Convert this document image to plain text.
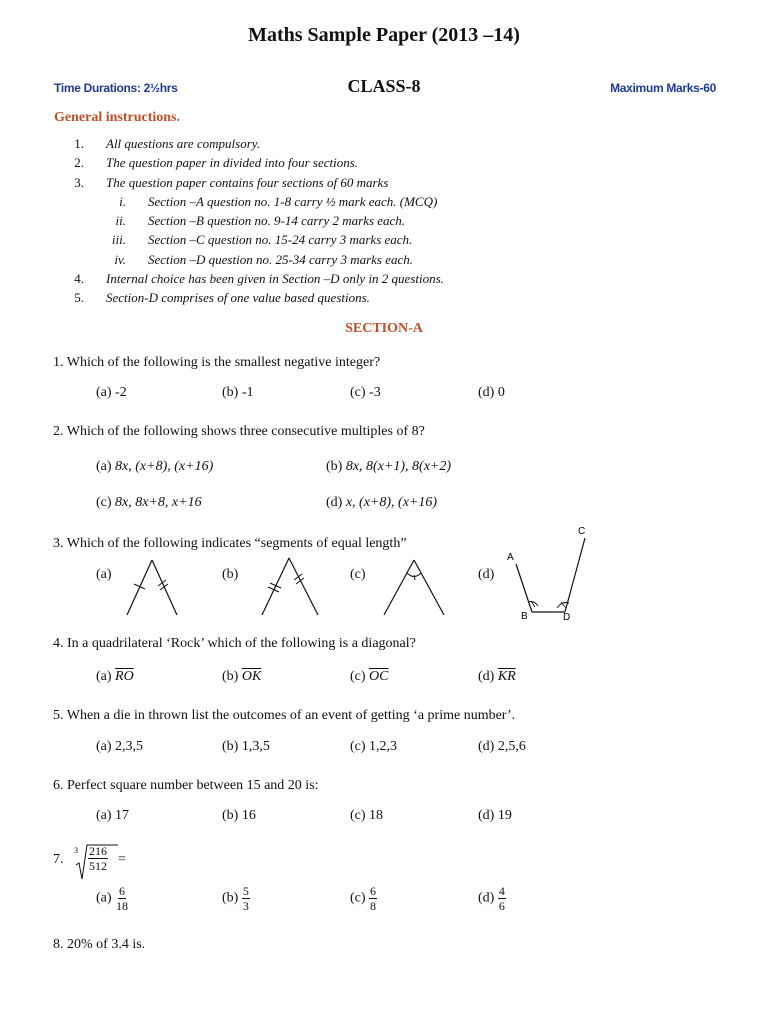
Maths Sample Paper (2013 –14)
Time Durations: 2½hrs	CLASS-8	Maximum Marks-60
General instructions.
1. All questions are compulsory.
2. The question paper in divided into four sections.
3. The question paper contains four sections of 60 marks
i. Section –A question no. 1-8 carry ½ mark each. (MCQ)
ii. Section –B question no. 9-14 carry 2 marks each.
iii. Section –C question no. 15-24 carry 3 marks each.
iv. Section –D question no. 25-34 carry 3 marks each.
4. Internal choice has been given in Section –D only in 2 questions.
5. Section-D comprises of one value based questions.
SECTION-A
1. Which of the following is the smallest negative integer?
(a) -2	(b) -1	(c) -3	(d) 0
2. Which of the following shows three consecutive multiples of 8?
(a) 8x, (x+8), (x+16)	(b) 8x, 8(x+1), 8(x+2)
(c) 8x, 8x+8, x+16	(d) x, (x+8), (x+16)
3. Which of the following indicates “segments of equal length”
(a)	(b)	(c)	(d)
A
B
C
D
4. In a quadrilateral ‘Rock’ which of the following is a diagonal?
(a) $\overline{RO}$	(b) $\overline{OK}$	(c) $\overline{OC}$	(d) $\overline{KR}$
5. When a die in thrown list the outcomes of an event of getting ‘a prime number’.
(a) 2,3,5	(b) 1,3,5	(c) 1,2,3	(d) 2,5,6
6. Perfect square number between 15 and 20 is:
(a) 17	(b) 16	(c) 18	(d) 19
7.
$3 \frac{216}{512}$ =
$(a) \frac{6}{18}$	$(b) \frac{5}{3}$	$(c) \frac{6}{8}$	$(d) \frac{4}{6}$
8. 20% of 3.4 is.
